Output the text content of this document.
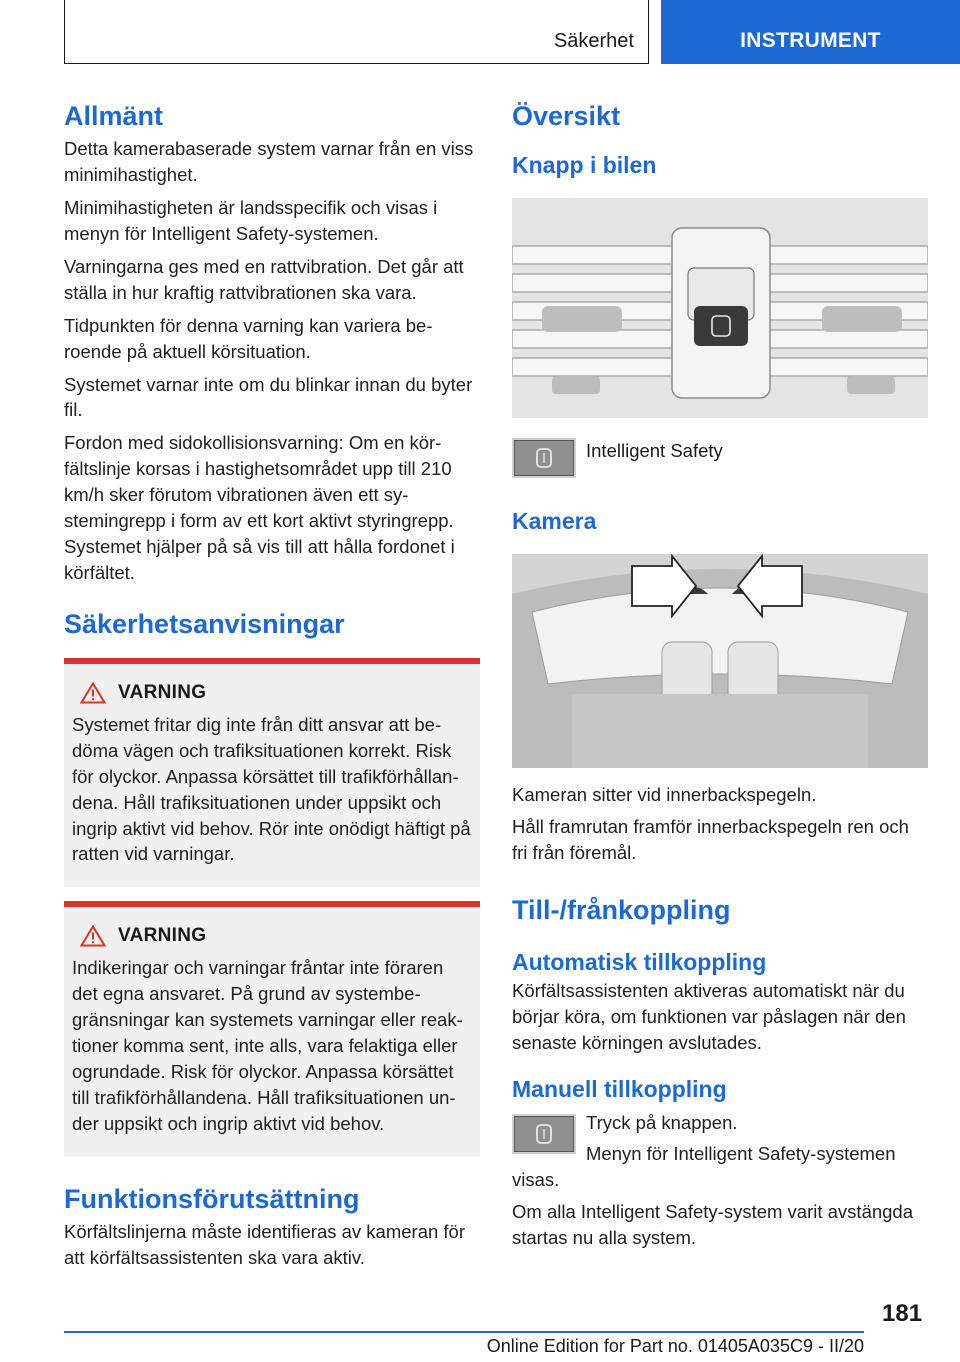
Säkerhet	INSTRUMENT
Allmänt

Detta kamerabaserade system varnar från en viss minimihastighet.

Minimihastigheten är landsspecifik och visas i menyn för Intelligent Safety-systemen.

Varningarna ges med en rattvibration. Det går att ställa in hur kraftig rattvibrationen ska vara.

Tidpunkten för denna varning kan variera beroende på aktuell körsituation.

Systemet varnar inte om du blinkar innan du byter fil.

Fordon med sidokollisionsvarning: Om en körfältslinje korsas i hastighetsområdet upp till 210 km/h sker förutom vibrationen även ett systemingrepp i form av ett kort aktivt styringrepp. Systemet hjälper på så vis till att hålla fordonet i körfältet.

Säkerhetsanvisningar
VARNING

Systemet fritar dig inte från ditt ansvar att bedöma vägen och trafiksituationen korrekt. Risk för olyckor. Anpassa körsättet till trafikförhållandena. Håll trafiksituationen under uppsikt och ingrip aktivt vid behov. Rör inte onödigt häftigt på ratten vid varningar.

VARNING

Indikeringar och varningar fråntar inte föraren det egna ansvaret. På grund av systembegränsningar kan systemets varningar eller reaktioner komma sent, inte alls, vara felaktiga eller ogrundade. Risk för olyckor. Anpassa körsättet till trafikförhållandena. Håll trafiksituationen under uppsikt och ingrip aktivt vid behov.

Funktionsförutsättning

Körfältslinjerna måste identifieras av kameran för att körfältsassistenten ska vara aktiv.

Översikt
Knapp i bilen
Intelligent Safety
Kamera

Kameran sitter vid innerbackspegeln.

Håll framrutan framför innerbackspegeln ren och fri från föremål.

Till-/frånkoppling
Automatisk tillkoppling

Körfältsassistenten aktiveras automatiskt när du börjar köra, om funktionen var påslagen när den senaste körningen avslutades.

Manuell tillkoppling

Tryck på knappen.

Menyn för Intelligent Safety-systemen visas.

Om alla Intelligent Safety-system varit avstängda startas nu alla system.

181
Online Edition for Part no. 01405A035C9 - II/20
